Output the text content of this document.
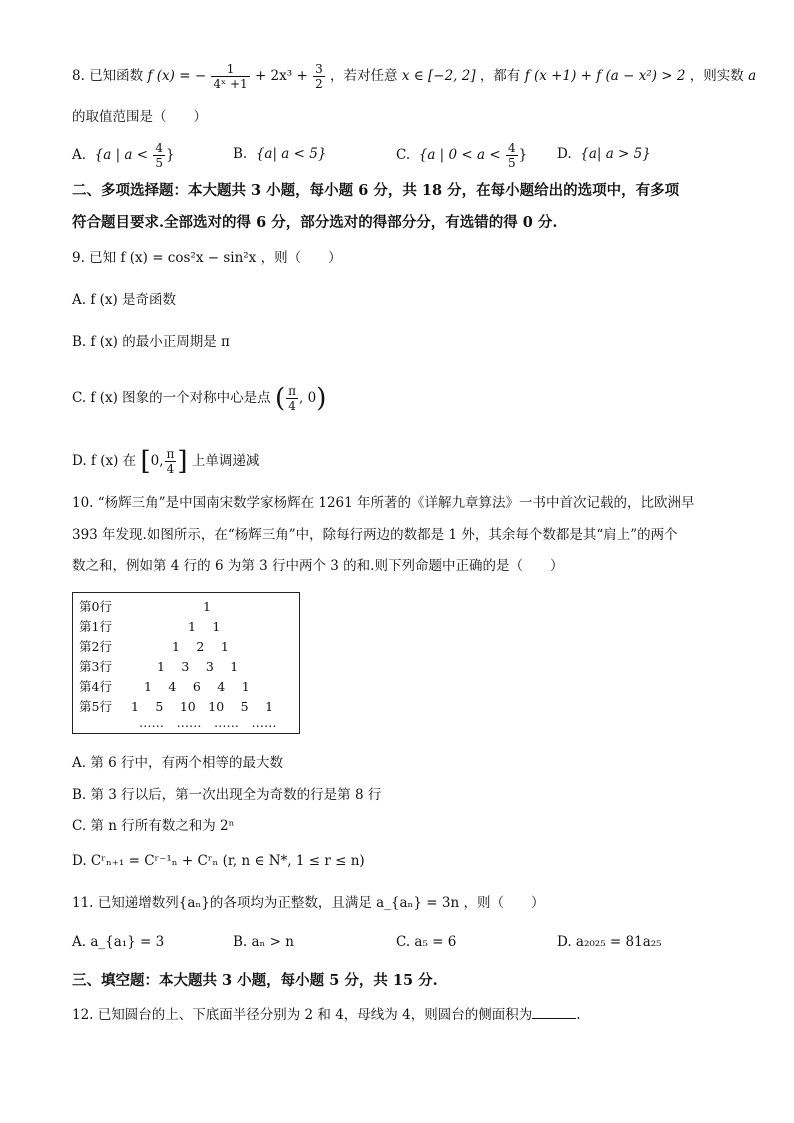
8. 已知函数 f (x) = − $\frac{1}{\text{4ˣ +1}} + 2x^3 + \frac{3}{2}$ ，若对任意 x ∈ [−2, 2] ，都有 f (x +1) + f (a − x²) > 2 ，则实数 a
的取值范围是（　　）
A. {a | $a < \frac{4}{5}$ }	B. {a| a < 5}	C. {a | $0 < a < \frac{4}{5}$ } D. {a| a > 5}
二、多项选择题：本大题共 3 小题，每小题 6 分，共 18 分，在每小题给出的选项中，有多项
符合题目要求.全部选对的得 6 分，部分选对的得部分分，有选错的得 0 分.
9. 已知 f (x) = cos²x − sin²x ，则（　　）
A. f (x) 是奇函数
B. f (x) 的最小正周期是 π
C. f (x) 图象的一个对称中心是点 ( $\frac{\pi}{4}$ , 0)
D. f (x) 在 [0, $\frac{\pi}{4}$ ] 上单调递减
10. “杨辉三角”是中国南宋数学家杨辉在 1261 年所著的《详解九章算法》一书中首次记载的，比欧洲早
393 年发现.如图所示，在“杨辉三角”中，除每行两边的数都是 1 外，其余每个数都是其“肩上”的两个
数之和，例如第 4 行的 6 为第 3 行中两个 3 的和.则下列命题中正确的是（　　）
第0行	1
第1行	1　 1
第2行	1　 2　 1
第3行	1　 3　 3　 1
第4行	1　 4　 6　 4　 1
第5行 1　 5　 10　10　 5　 1
……　……　……　……
A. 第 6 行中，有两个相等的最大数
B. 第 3 行以后，第一次出现全为奇数的行是第 8 行
C. 第 n 行所有数之和为 2ⁿ
D. Cʳₙ₊₁ = Cʳ⁻¹ₙ + Cʳₙ (r, n ∈ N*, 1 ≤ r ≤ n)
11. 已知递增数列{aₙ}的各项均为正整数，且满足 a_{aₙ} = 3n ，则（　　）
A. a_{a₁} = 3	B. aₙ > n	C. a₅ = 6	D. a₂₀₂₅ = 81a₂₅
三、填空题：本大题共 3 小题，每小题 5 分，共 15 分.
12. 已知圆台的上、下底面半径分别为 2 和 4，母线为 4，则圆台的侧面积为	.
